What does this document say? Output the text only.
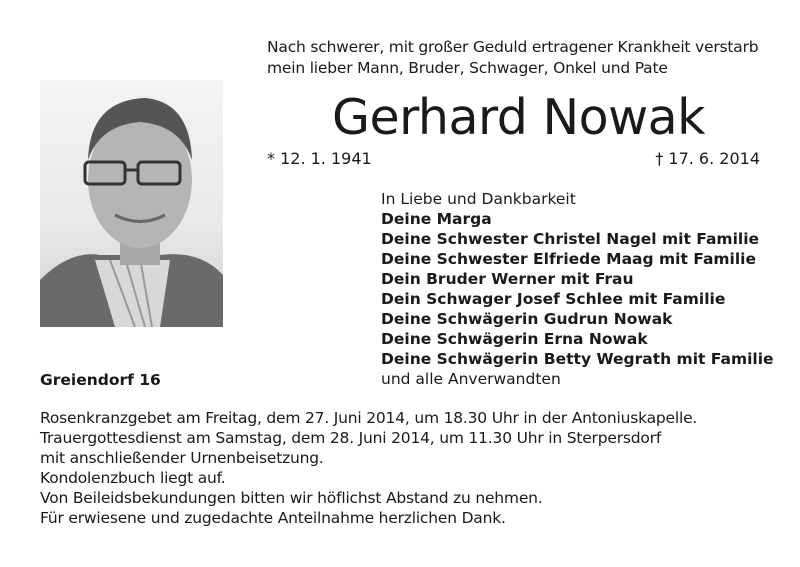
Nach schwerer, mit großer Geduld ertragener Krankheit verstarb
mein lieber Mann, Bruder, Schwager, Onkel und Pate
Gerhard Nowak
* 12. 1. 1941	† 17. 6. 2014
In Liebe und Dankbarkeit
Deine Marga
Deine Schwester Christel Nagel mit Familie
Deine Schwester Elfriede Maag mit Familie
Dein Bruder Werner mit Frau
Dein Schwager Josef Schlee mit Familie
Deine Schwägerin Gudrun Nowak
Deine Schwägerin Erna Nowak
Deine Schwägerin Betty Wegrath mit Familie
und alle Anverwandten
Greiendorf 16
Rosenkranzgebet am Freitag, dem 27. Juni 2014, um 18.30 Uhr in der Antoniuskapelle.
Trauergottesdienst am Samstag, dem 28. Juni 2014, um 11.30 Uhr in Sterpersdorf
mit anschließender Urnenbeisetzung.
Kondolenzbuch liegt auf.
Von Beileidsbekundungen bitten wir höflichst Abstand zu nehmen.
Für erwiesene und zugedachte Anteilnahme herzlichen Dank.
